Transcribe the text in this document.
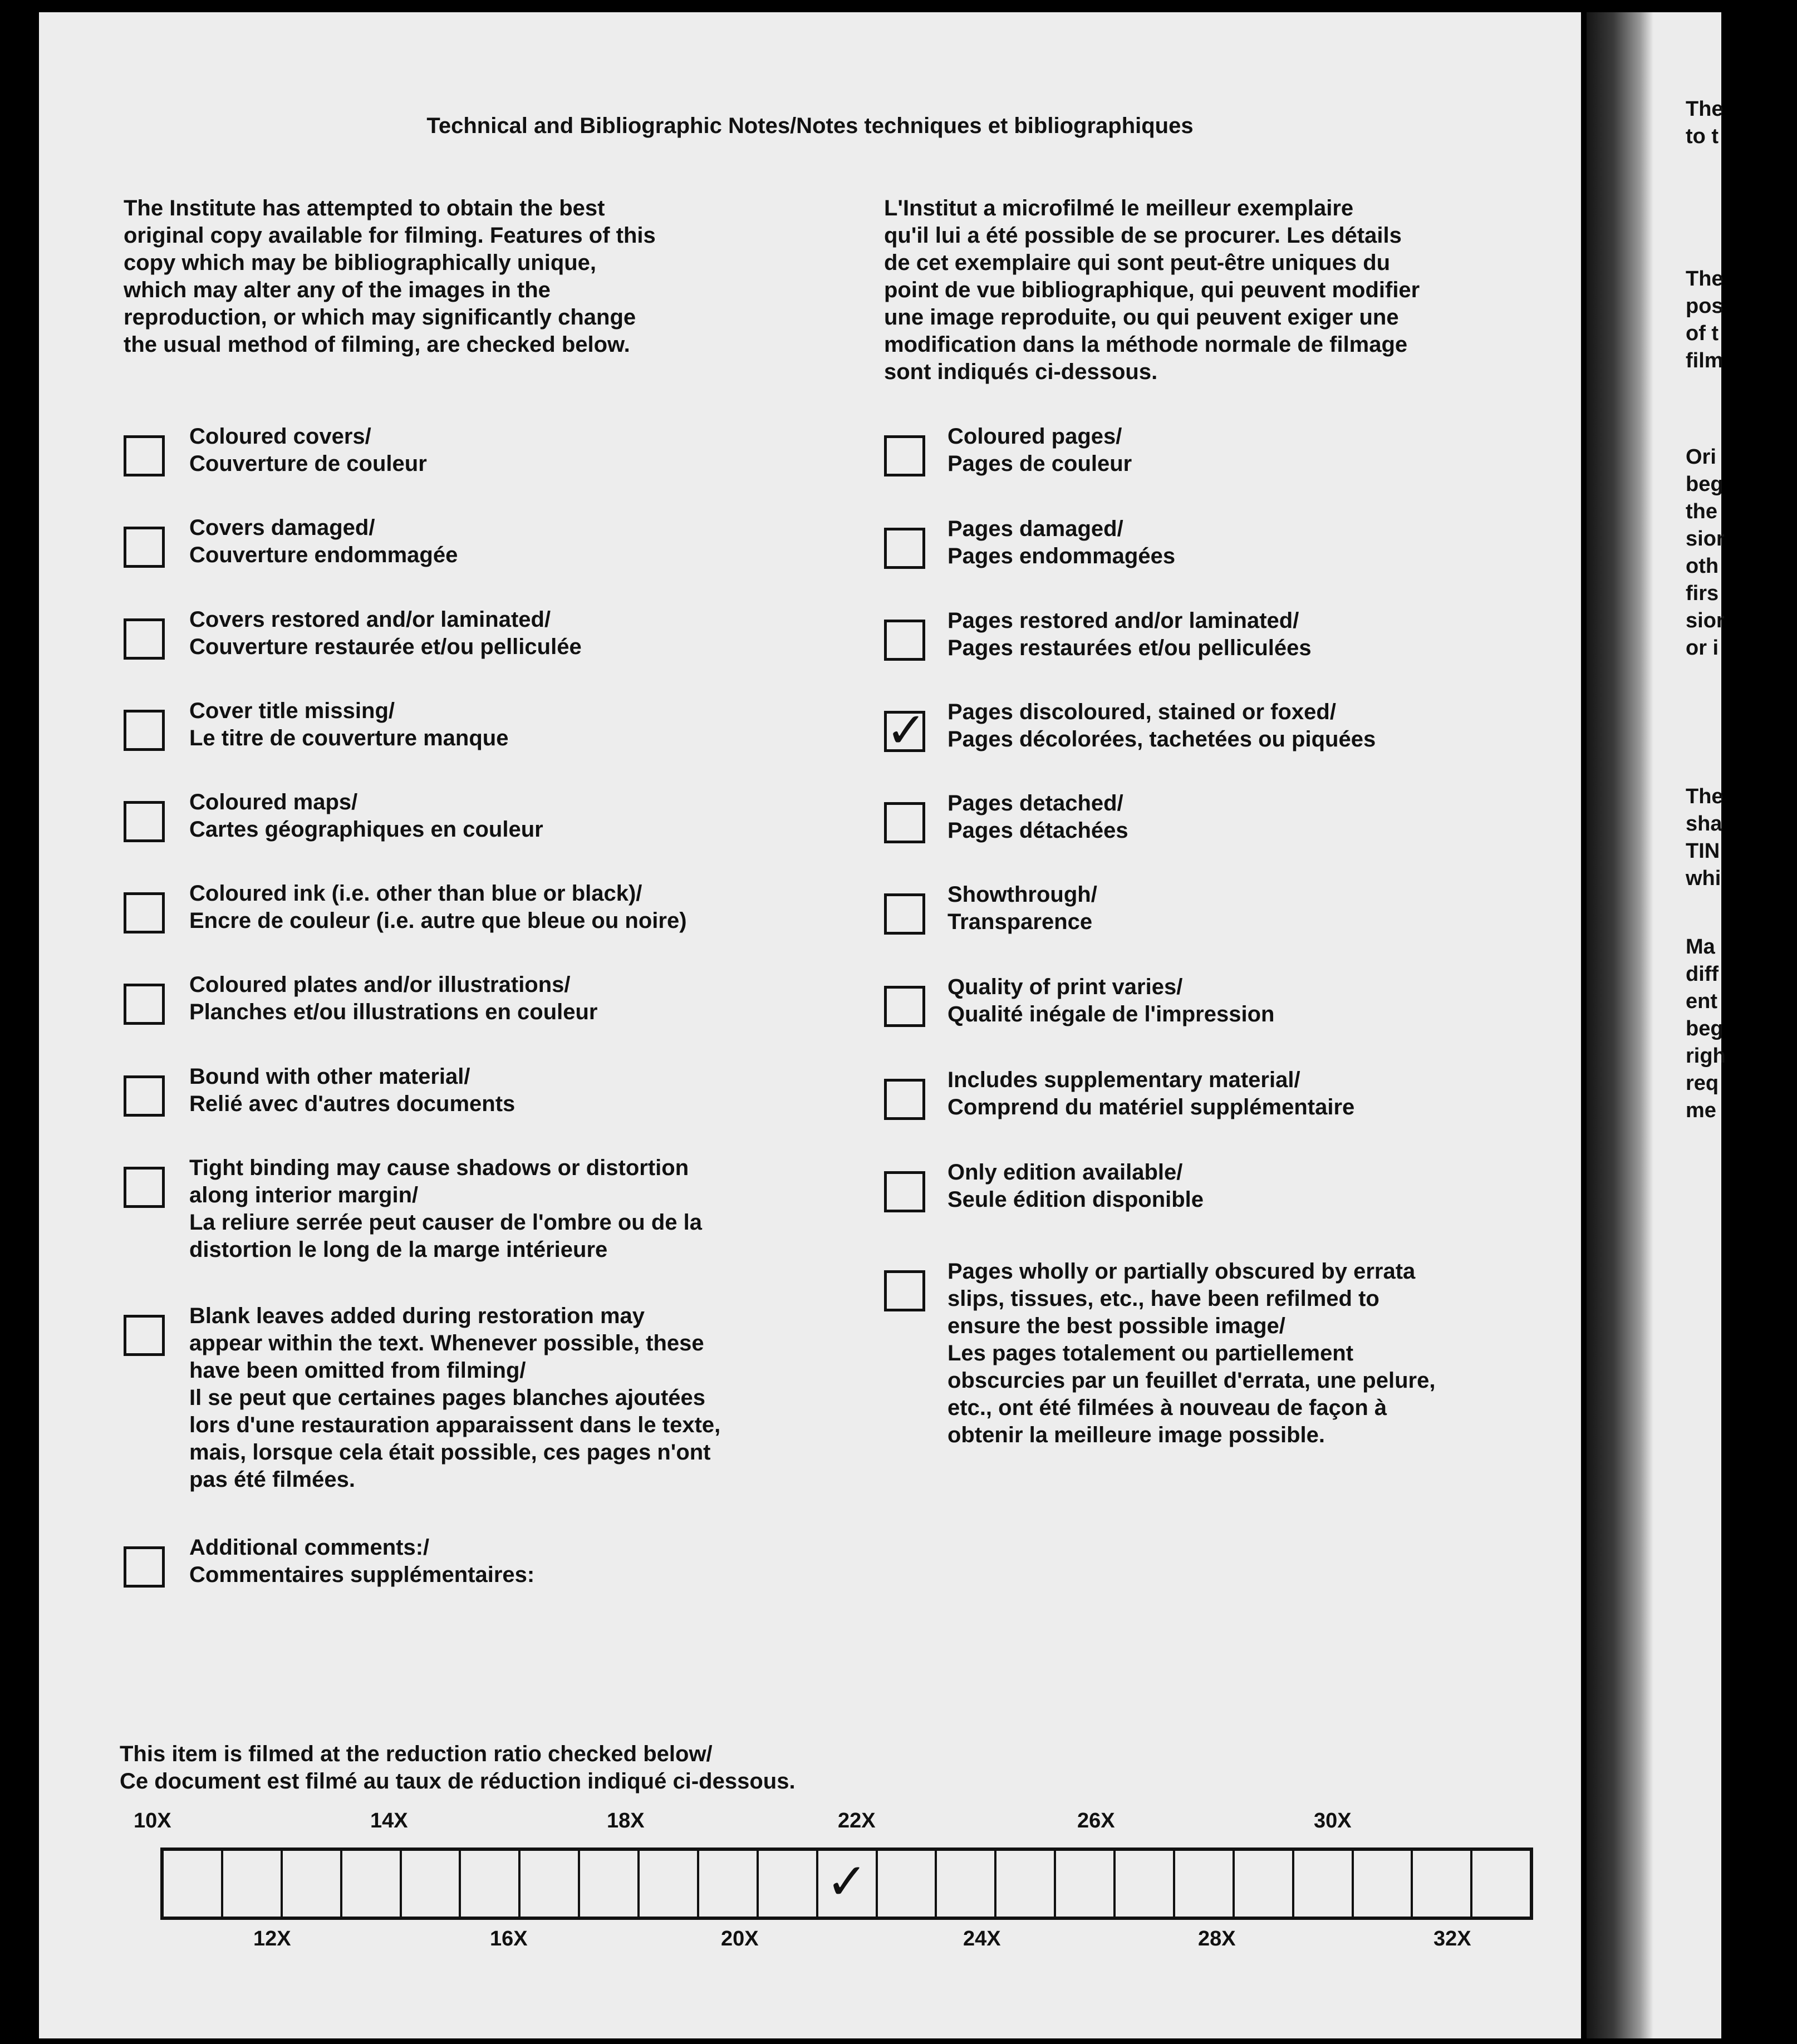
Technical and Bibliographic Notes/Notes techniques et bibliographiques
The Institute has attempted to obtain the best
original copy available for filming. Features of this
copy which may be bibliographically unique,
which may alter any of the images in the
reproduction, or which may significantly change
the usual method of filming, are checked below.
L'Institut a microfilmé le meilleur exemplaire
qu'il lui a été possible de se procurer. Les détails
de cet exemplaire qui sont peut-être uniques du
point de vue bibliographique, qui peuvent modifier
une image reproduite, ou qui peuvent exiger une
modification dans la méthode normale de filmage
sont indiqués ci-dessous.
Coloured covers/
Couverture de couleur
Covers damaged/
Couverture endommagée
Covers restored and/or laminated/
Couverture restaurée et/ou pelliculée
Cover title missing/
Le titre de couverture manque
Coloured maps/
Cartes géographiques en couleur
Coloured ink (i.e. other than blue or black)/
Encre de couleur (i.e. autre que bleue ou noire)
Coloured plates and/or illustrations/
Planches et/ou illustrations en couleur
Bound with other material/
Relié avec d'autres documents
Tight binding may cause shadows or distortion
along interior margin/
La reliure serrée peut causer de l'ombre ou de la
distortion le long de la marge intérieure
Blank leaves added during restoration may
appear within the text. Whenever possible, these
have been omitted from filming/
Il se peut que certaines pages blanches ajoutées
lors d'une restauration apparaissent dans le texte,
mais, lorsque cela était possible, ces pages n'ont
pas été filmées.
Additional comments:/
Commentaires supplémentaires:
Coloured pages/
Pages de couleur
Pages damaged/
Pages endommagées
Pages restored and/or laminated/
Pages restaurées et/ou pelliculées
✓ Pages discoloured, stained or foxed/
Pages décolorées, tachetées ou piquées
Pages detached/
Pages détachées
Showthrough/
Transparence
Quality of print varies/
Qualité inégale de l'impression
Includes supplementary material/
Comprend du matériel supplémentaire
Only edition available/
Seule édition disponible
Pages wholly or partially obscured by errata
slips, tissues, etc., have been refilmed to
ensure the best possible image/
Les pages totalement ou partiellement
obscurcies par un feuillet d'errata, une pelure,
etc., ont été filmées à nouveau de façon à
obtenir la meilleure image possible.
This item is filmed at the reduction ratio checked below/
Ce document est filmé au taux de réduction indiqué ci-dessous.
10X	14X	18X	22X	26X	30X
✓
12X	16X	20X	24X	28X	32X
The
to t
The
pos
of t
film
Ori
beg
the
sior
oth
firs
sior
or i
The
sha
TIN
whi
Ma
diff
ent
beg
righ
req
me
